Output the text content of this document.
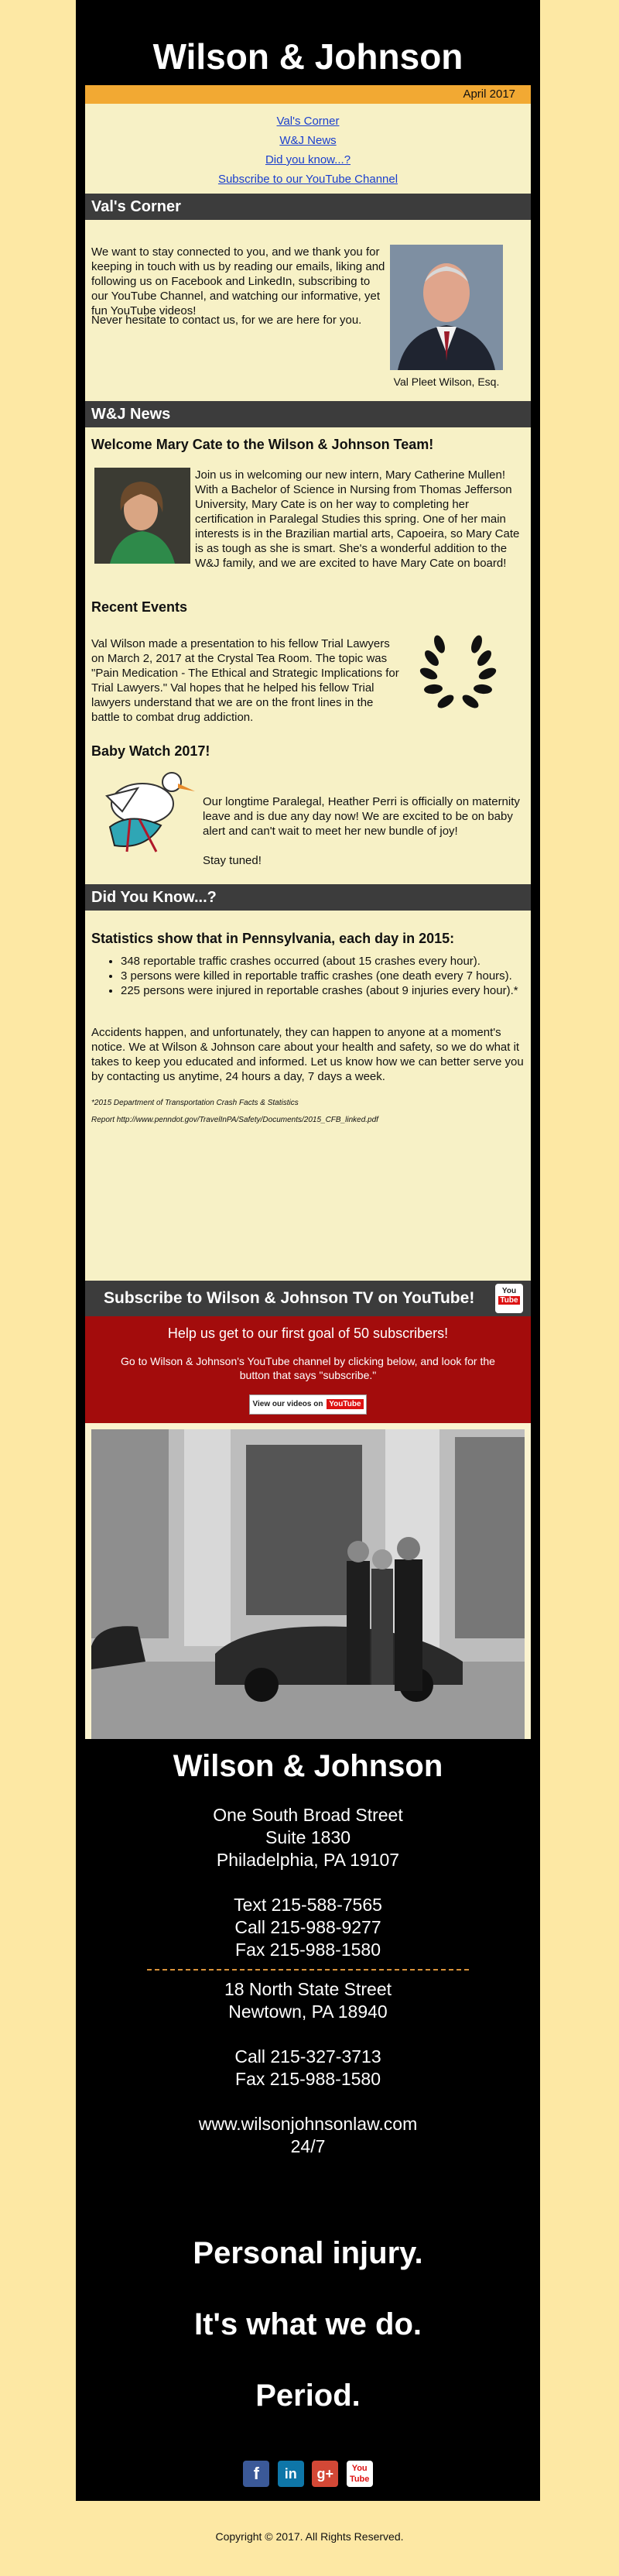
Wilson & Johnson
April 2017
Val's Corner
W&J News
Did you know...?
Subscribe to our YouTube Channel
Val's Corner
We want to stay connected to you, and we thank you for keeping in touch with us by reading our emails, liking and following us on Facebook and LinkedIn, subscribing to our YouTube Channel, and watching our informative, yet fun YouTube videos!
Never hesitate to contact us, for we are here for you.
Val Pleet Wilson, Esq.
W&J News
Welcome Mary Cate to the Wilson & Johnson Team!
Join us in welcoming our new intern, Mary Catherine Mullen! With a Bachelor of Science in Nursing from Thomas Jefferson University, Mary Cate is on her way to completing her certification in Paralegal Studies this spring. One of her main interests is in the Brazilian martial arts, Capoeira, so Mary Cate is as tough as she is smart. She's a wonderful addition to the W&J family, and we are excited to have Mary Cate on board!
Recent Events
Val Wilson made a presentation to his fellow Trial Lawyers on March 2, 2017 at the Crystal Tea Room. The topic was "Pain Medication - The Ethical and Strategic Implications for Trial Lawyers." Val hopes that he helped his fellow Trial lawyers understand that we are on the front lines in the battle to combat drug addiction.
Baby Watch 2017!
Our longtime Paralegal, Heather Perri is officially on maternity leave and is due any day now! We are excited to be on baby alert and can't wait to meet her new bundle of joy!
Stay tuned!
Did You Know...?
Statistics show that in Pennsylvania, each day in 2015:
• 348 reportable traffic crashes occurred (about 15 crashes every hour).
• 3 persons were killed in reportable traffic crashes (one death every 7 hours).
• 225 persons were injured in reportable crashes (about 9 injuries every hour).*
Accidents happen, and unfortunately, they can happen to anyone at a moment's notice. We at Wilson & Johnson care about your health and safety, so we do what it takes to keep you educated and informed. Let us know how we can better serve you by contacting us anytime, 24 hours a day, 7 days a week.
*2015 Department of Transportation Crash Facts & Statistics
Report http://www.penndot.gov/TravelInPA/Safety/Documents/2015_CFB_linked.pdf
Subscribe to Wilson & Johnson TV on YouTube!	You
Tube
Help us get to our first goal of 50 subscribers!
Go to Wilson & Johnson's YouTube channel by clicking below, and look for the button that says "subscribe."
View our videos on YouTube
Wilson & Johnson
One South Broad Street
Suite 1830
Philadelphia, PA 19107
Text 215-588-7565
Call 215-988-9277
Fax 215-988-1580
18 North State Street
Newtown, PA 18940
Call 215-327-3713
Fax 215-988-1580
www.wilsonjohnsonlaw.com
24/7
Personal injury.
It's what we do.
Period.
f in g+ You Tube
Copyright © 2017. All Rights Reserved.
